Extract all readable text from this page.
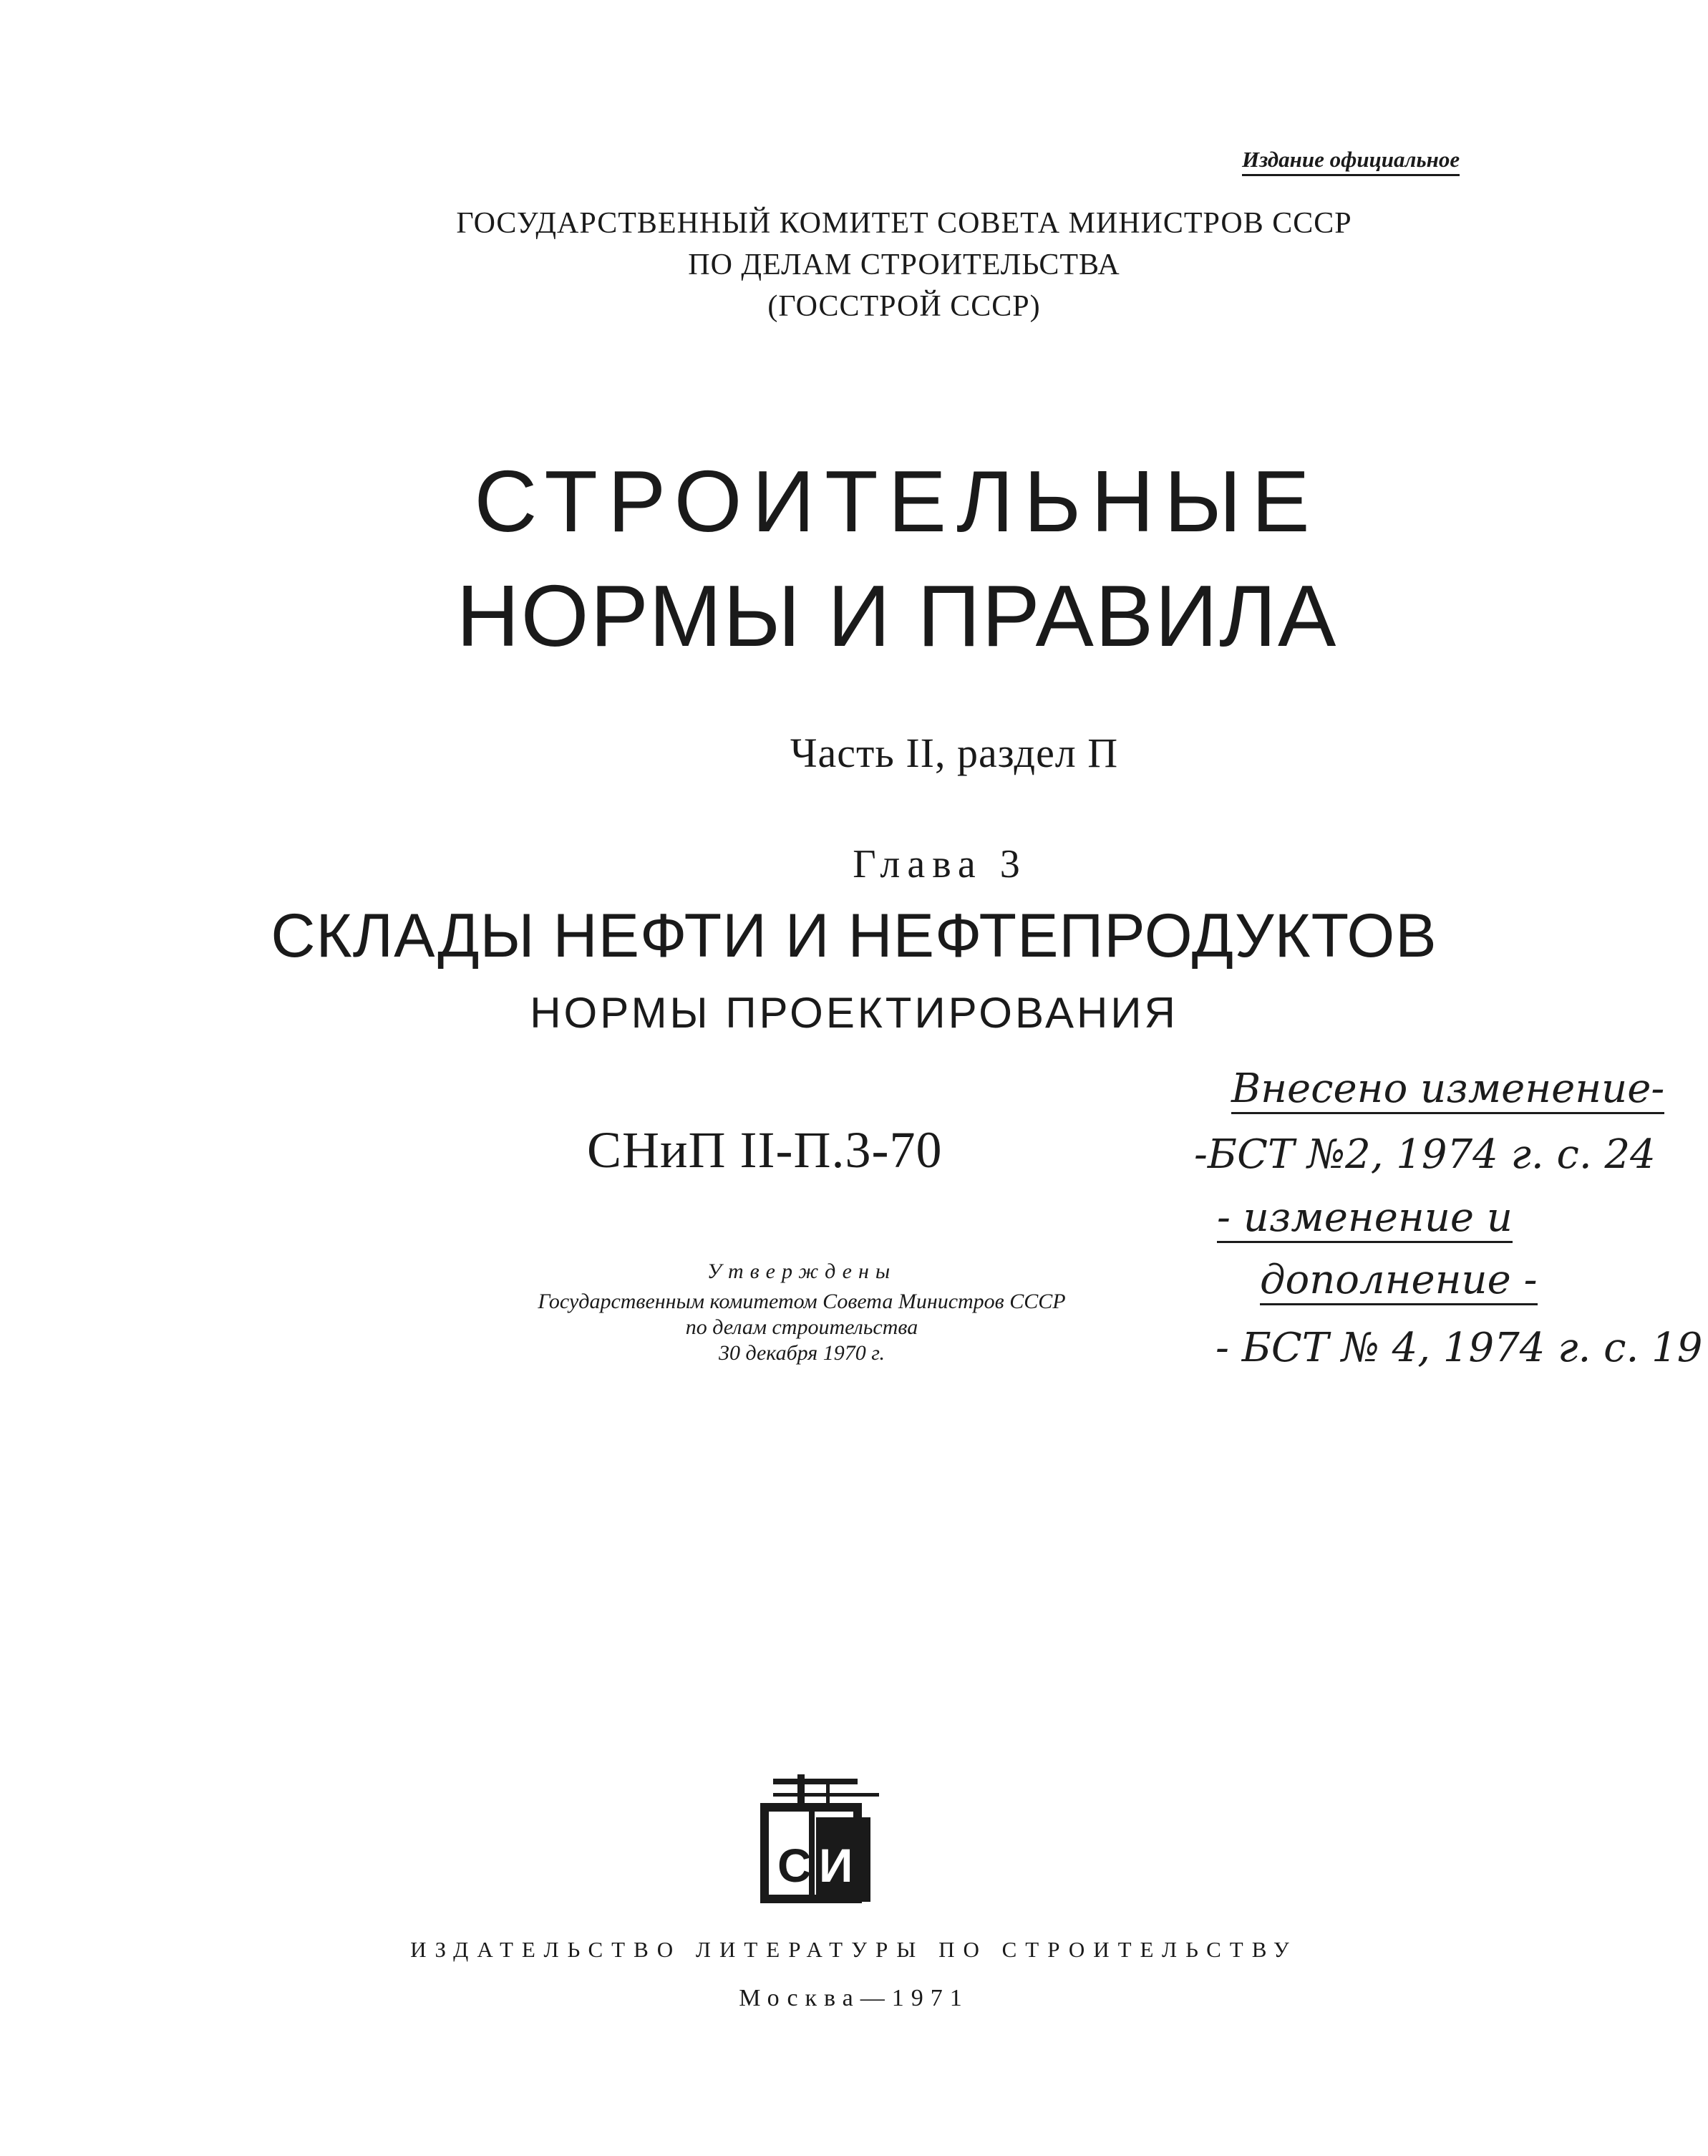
Издание официальное
ГОСУДАРСТВЕННЫЙ КОМИТЕТ СОВЕТА МИНИСТРОВ СССР
ПО ДЕЛАМ СТРОИТЕЛЬСТВА
(ГОССТРОЙ СССР)
СТРОИТЕЛЬНЫЕ
НОРМЫ И ПРАВИЛА
Часть II, раздел П
Глава 3
СКЛАДЫ НЕФТИ И НЕФТЕПРОДУКТОВ
НОРМЫ ПРОЕКТИРОВАНИЯ
СНиП II-П.3-70
Утверждены
Государственным комитетом Совета Министров СССР
по делам строительства
30 декабря 1970 г.
Внесено изменение-
-БСТ №2, 1974 г. с. 24
- изменение и
дополнение -
- БСТ № 4, 1974 г. с. 19
С И
ИЗДАТЕЛЬСТВО ЛИТЕРАТУРЫ ПО СТРОИТЕЛЬСТВУ
Москва—1971
